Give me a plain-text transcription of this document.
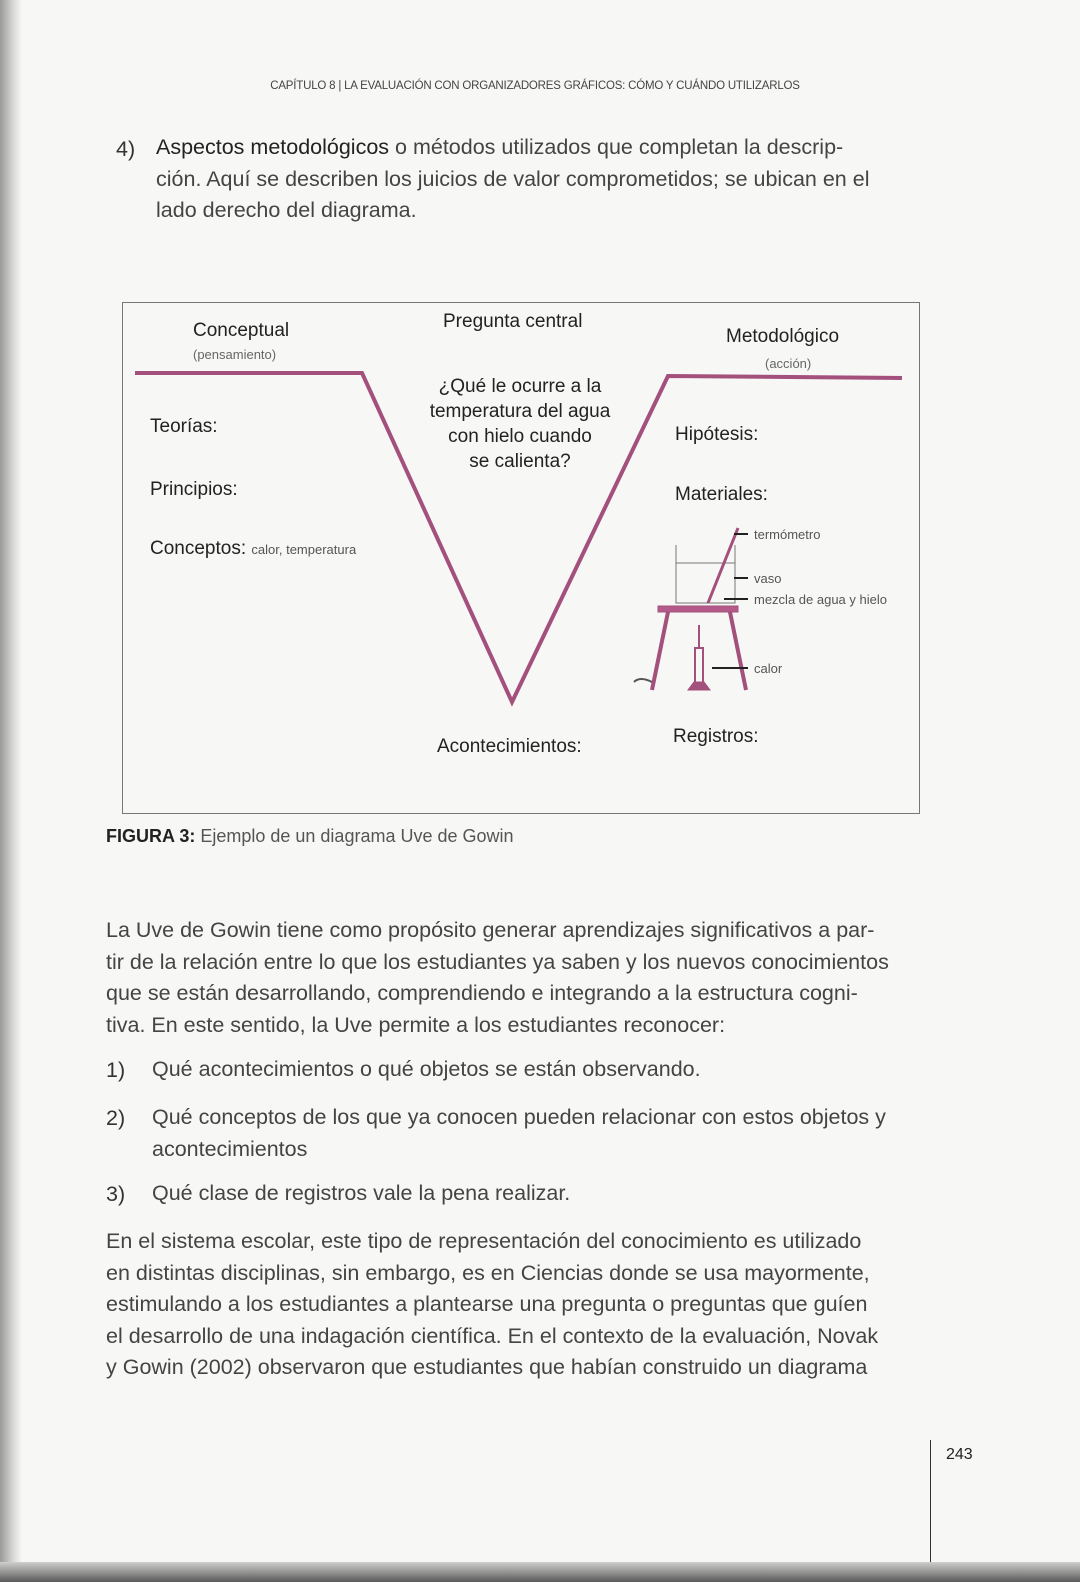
CAPÍTULO 8 | LA EVALUACIÓN CON ORGANIZADORES GRÁFICOS: CÓMO Y CUÁNDO UTILIZARLOS
4) Aspectos metodológicos o métodos utilizados que completan la descrip-
ción. Aquí se describen los juicios de valor comprometidos; se ubican en el
lado derecho del diagrama.
Conceptual
(pensamiento)
Pregunta central
Metodológico
(acción)
¿Qué le ocurre a la
temperatura del agua
con hielo cuando
se calienta?
Teorías:
Principios:
Conceptos: calor, temperatura
Hipótesis:
Materiales:
termómetro
vaso
mezcla de agua y hielo
calor
Acontecimientos:	Registros:
FIGURA 3: Ejemplo de un diagrama Uve de Gowin
La Uve de Gowin tiene como propósito generar aprendizajes significativos a par-
tir de la relación entre lo que los estudiantes ya saben y los nuevos conocimientos
que se están desarrollando, comprendiendo e integrando a la estructura cogni-
tiva. En este sentido, la Uve permite a los estudiantes reconocer:
1) Qué acontecimientos o qué objetos se están observando.
2) Qué conceptos de los que ya conocen pueden relacionar con estos objetos y
acontecimientos
3) Qué clase de registros vale la pena realizar.
En el sistema escolar, este tipo de representación del conocimiento es utilizado
en distintas disciplinas, sin embargo, es en Ciencias donde se usa mayormente,
estimulando a los estudiantes a plantearse una pregunta o preguntas que guíen
el desarrollo de una indagación científica. En el contexto de la evaluación, Novak
y Gowin (2002) observaron que estudiantes que habían construido un diagrama
243
